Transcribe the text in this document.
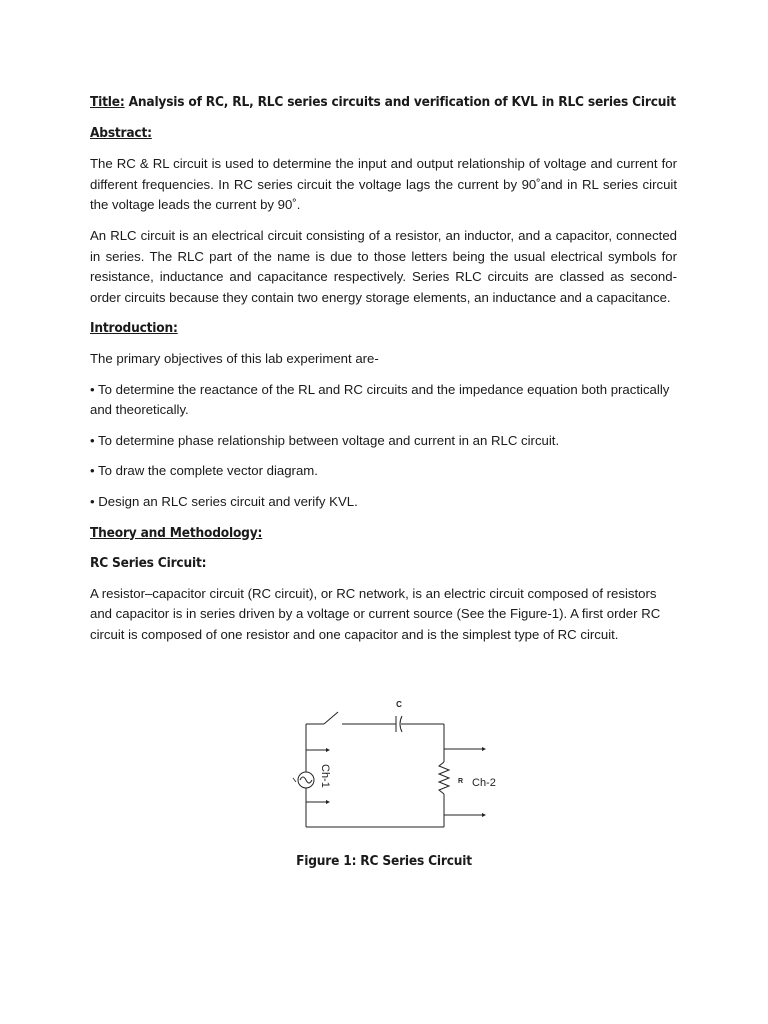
Title: Analysis of RC, RL, RLC series circuits and verification of KVL in RLC series Circuit
Abstract:

The RC & RL circuit is used to determine the input and output relationship of voltage and current for different frequencies. In RC series circuit the voltage lags the current by 90˚and in RL series circuit the voltage leads the current by 90˚.

An RLC circuit is an electrical circuit consisting of a resistor, an inductor, and a capacitor, connected in series. The RLC part of the name is due to those letters being the usual electrical symbols for resistance, inductance and capacitance respectively. Series RLC circuits are classed as second-order circuits because they contain two energy storage elements, an inductance and a capacitance.

Introduction:

The primary objectives of this lab experiment are-

• To determine the reactance of the RL and RC circuits and the impedance equation both practically and theoretically.

• To determine phase relationship between voltage and current in an RLC circuit.

• To draw the complete vector diagram.

• Design an RLC series circuit and verify KVL.

Theory and Methodology:
RC Series Circuit:

A resistor–capacitor circuit (RC circuit), or RC network, is an electric circuit composed of resistors and capacitor is in series driven by a voltage or current source (See the Figure-1). A first order RC circuit is composed of one resistor and one capacitor and is the simplest type of RC circuit.

C
R Ch-2
Ch-1
Figure 1: RC Series Circuit
